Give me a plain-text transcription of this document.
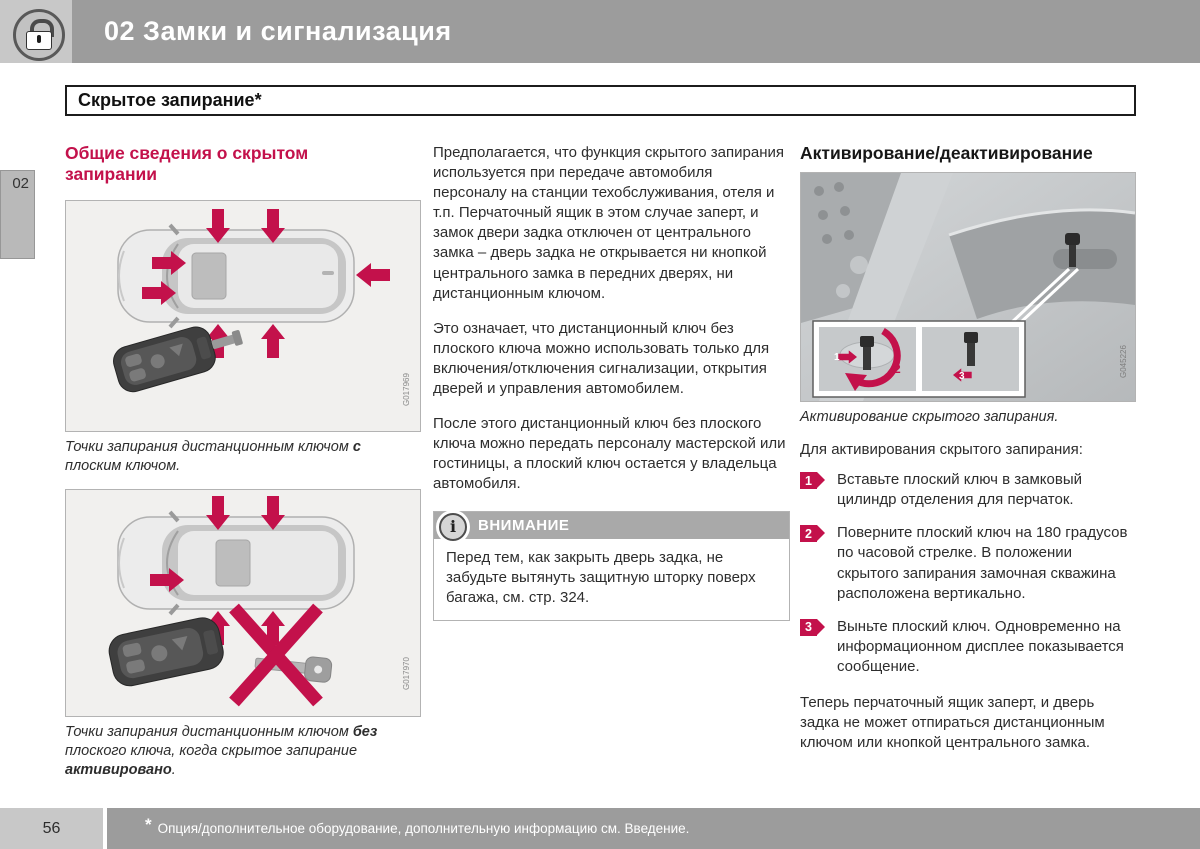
02 Замки и сигнализация
02
Скрытое запирание*
Общие сведения о скрытом запирании
G017969

Точки запирания дистанционным ключом с плоским ключом.

G017970

Точки запирания дистанционным ключом без плоского ключа, когда скрытое запирание активировано.

Предполагается, что функция скрытого запирания используется при передаче автомобиля персоналу на станции техобслуживания, отеля и т.п. Перчаточный ящик в этом случае заперт, и замок двери задка отключен от центрального замка – дверь задка не открывается ни кнопкой центрального замка в передних дверях, ни дистанционным ключом.

Это означает, что дистанционный ключ без плоского ключа можно использовать только для включения/отключения сигнализации, открытия дверей и управления автомобилем.

После этого дистанционный ключ без плоского ключа можно передать персоналу мастерской или гостиницы, а плоский ключ остается у владельца автомобиля.

ВНИМАНИЕ
i
Перед тем, как закрыть дверь задка, не забудьте вытянуть защитную шторку поверх багажа, см. стр. 324.
Активирование/деактивирование
1
2
3	G045226

Активирование скрытого запирания.

Для активирования скрытого запирания:
1	Вставьте плоский ключ в замковый цилиндр отделения для перчаток.
2	Поверните плоский ключ на 180 градусов по часовой стрелке. В положении скрытого запирания замочная скважина расположена вертикально.
3	Выньте плоский ключ. Одновременно на информационном дисплее показывается сообщение.

Теперь перчаточный ящик заперт, и дверь задка не может отпираться дистанционным ключом или кнопкой центрального замка.

56	* Опция/дополнительное оборудование, дополнительную информацию см. Введение.
